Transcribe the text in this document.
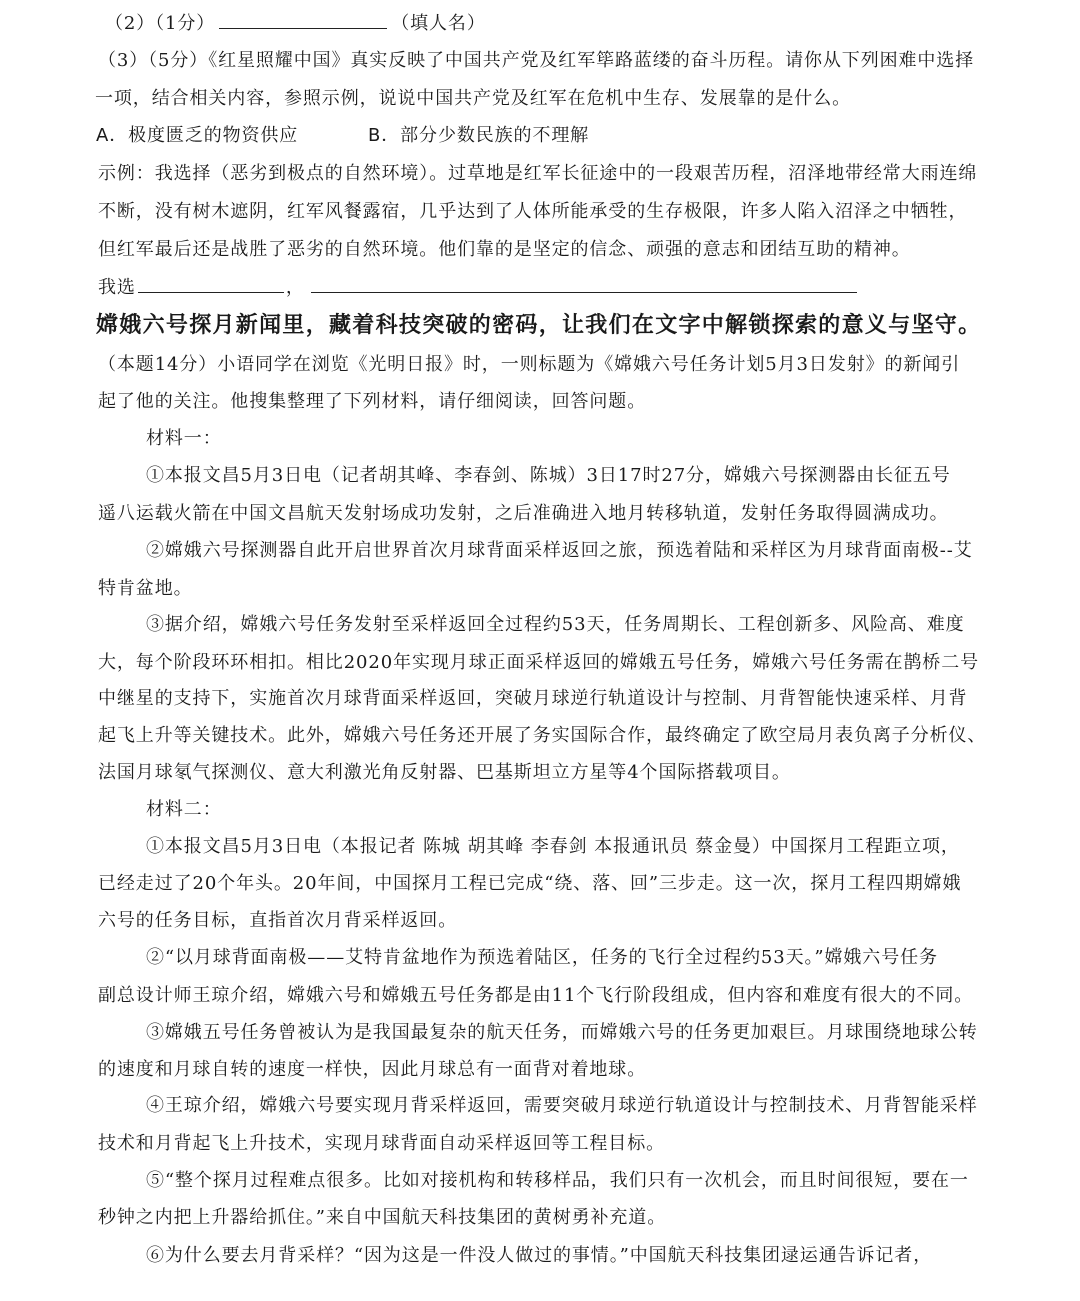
（2）（1分）	（填人名）
（3）（5分）《红星照耀中国》真实反映了中国共产党及红军筚路蓝缕的奋斗历程。请你从下列困难中选择
一项，结合相关内容，参照示例，说说中国共产党及红军在危机中生存、发展靠的是什么。
A．极度匮乏的物资供应	B．部分少数民族的不理解
示例：我选择（恶劣到极点的自然环境）。过草地是红军长征途中的一段艰苦历程，沼泽地带经常大雨连绵
不断，没有树木遮阴，红军风餐露宿，几乎达到了人体所能承受的生存极限，许多人陷入沼泽之中牺牲，
但红军最后还是战胜了恶劣的自然环境。他们靠的是坚定的信念、顽强的意志和团结互助的精神。
我选	，
嫦娥六号探月新闻里，藏着科技突破的密码，让我们在文字中解锁探索的意义与坚守。
（本题14分）小语同学在浏览《光明日报》时，一则标题为《嫦娥六号任务计划5月3日发射》的新闻引
起了他的关注。他搜集整理了下列材料，请仔细阅读，回答问题。
材料一：
①本报文昌5月3日电（记者胡其峰、李春剑、陈城）3日17时27分，嫦娥六号探测器由长征五号
遥八运载火箭在中国文昌航天发射场成功发射，之后准确进入地月转移轨道，发射任务取得圆满成功。
②嫦娥六号探测器自此开启世界首次月球背面采样返回之旅，预选着陆和采样区为月球背面南极--艾
特肯盆地。
③据介绍，嫦娥六号任务发射至采样返回全过程约53天，任务周期长、工程创新多、风险高、难度
大，每个阶段环环相扣。相比2020年实现月球正面采样返回的嫦娥五号任务，嫦娥六号任务需在鹊桥二号
中继星的支持下，实施首次月球背面采样返回，突破月球逆行轨道设计与控制、月背智能快速采样、月背
起飞上升等关键技术。此外，嫦娥六号任务还开展了务实国际合作，最终确定了欧空局月表负离子分析仪、
法国月球氡气探测仪、意大利激光角反射器、巴基斯坦立方星等4个国际搭载项目。
材料二：
①本报文昌5月3日电（本报记者 陈城 胡其峰 李春剑 本报通讯员 蔡金曼）中国探月工程距立项，
已经走过了20个年头。20年间，中国探月工程已完成“绕、落、回”三步走。这一次，探月工程四期嫦娥
六号的任务目标，直指首次月背采样返回。
②“以月球背面南极——艾特肯盆地作为预选着陆区，任务的飞行全过程约53天。”嫦娥六号任务
副总设计师王琼介绍，嫦娥六号和嫦娥五号任务都是由11个飞行阶段组成，但内容和难度有很大的不同。
③嫦娥五号任务曾被认为是我国最复杂的航天任务，而嫦娥六号的任务更加艰巨。月球围绕地球公转
的速度和月球自转的速度一样快，因此月球总有一面背对着地球。
④王琼介绍，嫦娥六号要实现月背采样返回，需要突破月球逆行轨道设计与控制技术、月背智能采样
技术和月背起飞上升技术，实现月球背面自动采样返回等工程目标。
⑤“整个探月过程难点很多。比如对接机构和转移样品，我们只有一次机会，而且时间很短，要在一
秒钟之内把上升器给抓住。”来自中国航天科技集团的黄树勇补充道。
⑥为什么要去月背采样？“因为这是一件没人做过的事情。”中国航天科技集团逯运通告诉记者，
